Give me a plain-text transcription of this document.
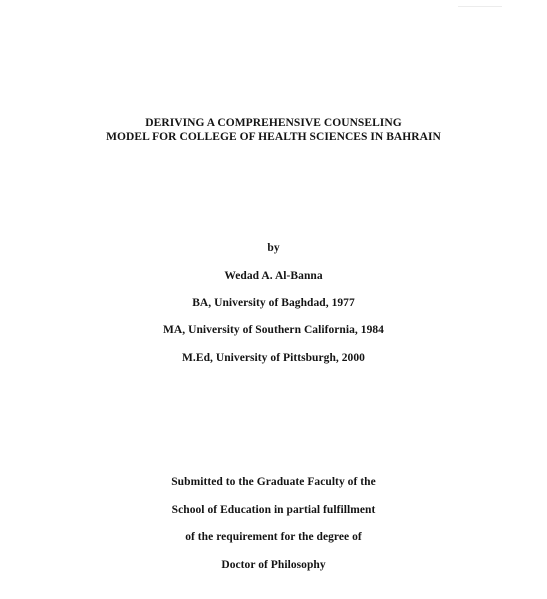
DERIVING A COMPREHENSIVE COUNSELING
MODEL FOR COLLEGE OF HEALTH SCIENCES IN BAHRAIN
by
Wedad A. Al-Banna
BA, University of Baghdad, 1977
MA, University of Southern California, 1984
M.Ed, University of Pittsburgh, 2000
Submitted to the Graduate Faculty of the
School of Education in partial fulfillment
of the requirement for the degree of
Doctor of Philosophy
